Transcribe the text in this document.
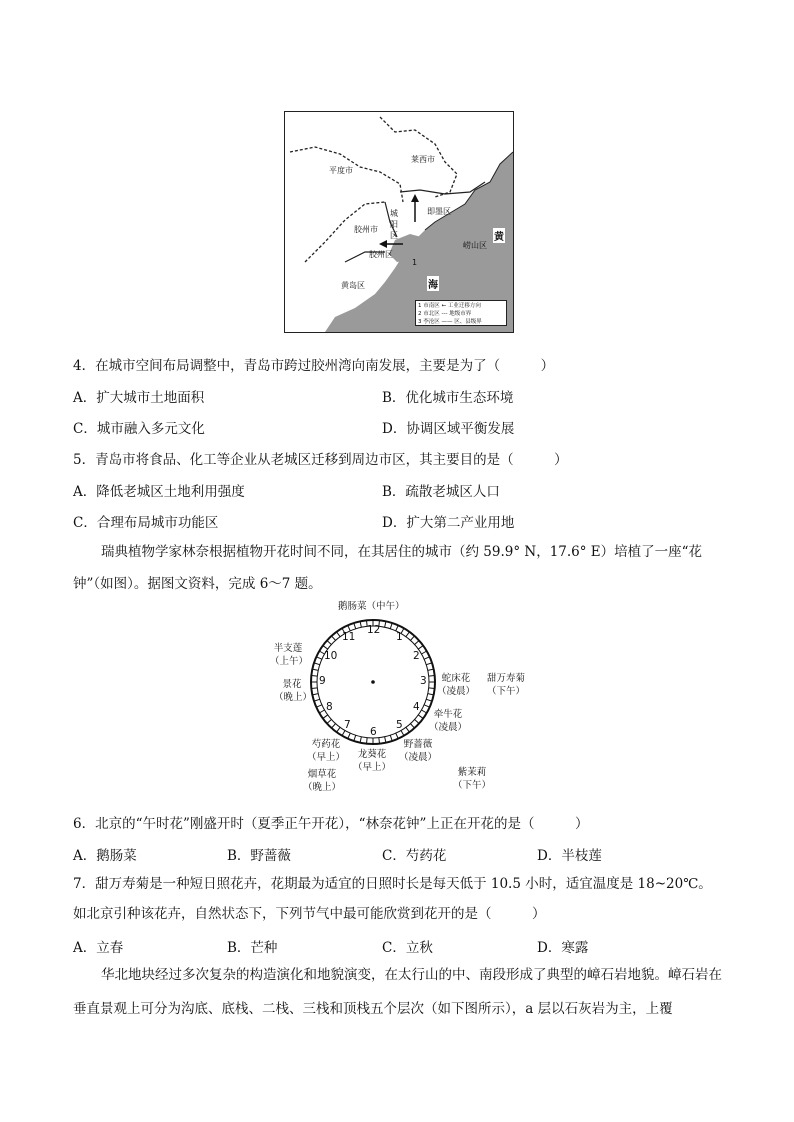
莱西市
平度市
即墨区
城阳区
胶州市
胶州区
崂山区
黄岛区
黄
海
1
1 市南区 ← 工业迁移方向
2 市北区 --- 地级市界
3 李沧区 —— 区、县级界
4．在城市空间布局调整中，青岛市跨过胶州湾向南发展，主要是为了（　　　）
A．扩大城市土地面积	B．优化城市生态环境
C．城市融入多元文化	D．协调区域平衡发展
5．青岛市将食品、化工等企业从老城区迁移到周边市区，其主要目的是（　　　）
A．降低老城区土地利用强度	B．疏散老城区人口
C．合理布局城市功能区	D．扩大第二产业用地
瑞典植物学家林奈根据植物开花时间不同，在其居住的城市（约 59.9° N，17.6° E）培植了一座“花钟”（如图）。据图文资料，完成 6～7 题。
12
1
2
3
4
5
6
7
8
9
10
11
鹅肠菜（中午）
半支莲
（上午）
景花
（晚上）
蛇床花
（凌晨）
甜万寿菊
（下午）
牵牛花
（凌晨）
芍药花
（早上）	龙葵花
（早上）
野蔷薇
（凌晨）
烟草花
（晚上）
紫茉莉
（下午）
6．北京的“午时花”刚盛开时（夏季正午开花），“林奈花钟”上正在开花的是（　　　）
A．鹅肠菜	B．野蔷薇	C．芍药花	D．半枝莲
7．甜万寿菊是一种短日照花卉，花期最为适宜的日照时长是每天低于 10.5 小时，适宜温度是 18~20℃。如北京引种该花卉，自然状态下，下列节气中最可能欣赏到花开的是（　　　）
A．立春	B．芒种	C．立秋	D．寒露
华北地块经过多次复杂的构造演化和地貌演变，在太行山的中、南段形成了典型的嶂石岩地貌。嶂石岩在垂直景观上可分为沟底、底栈、二栈、三栈和顶栈五个层次（如下图所示），a 层以石灰岩为主，上覆
